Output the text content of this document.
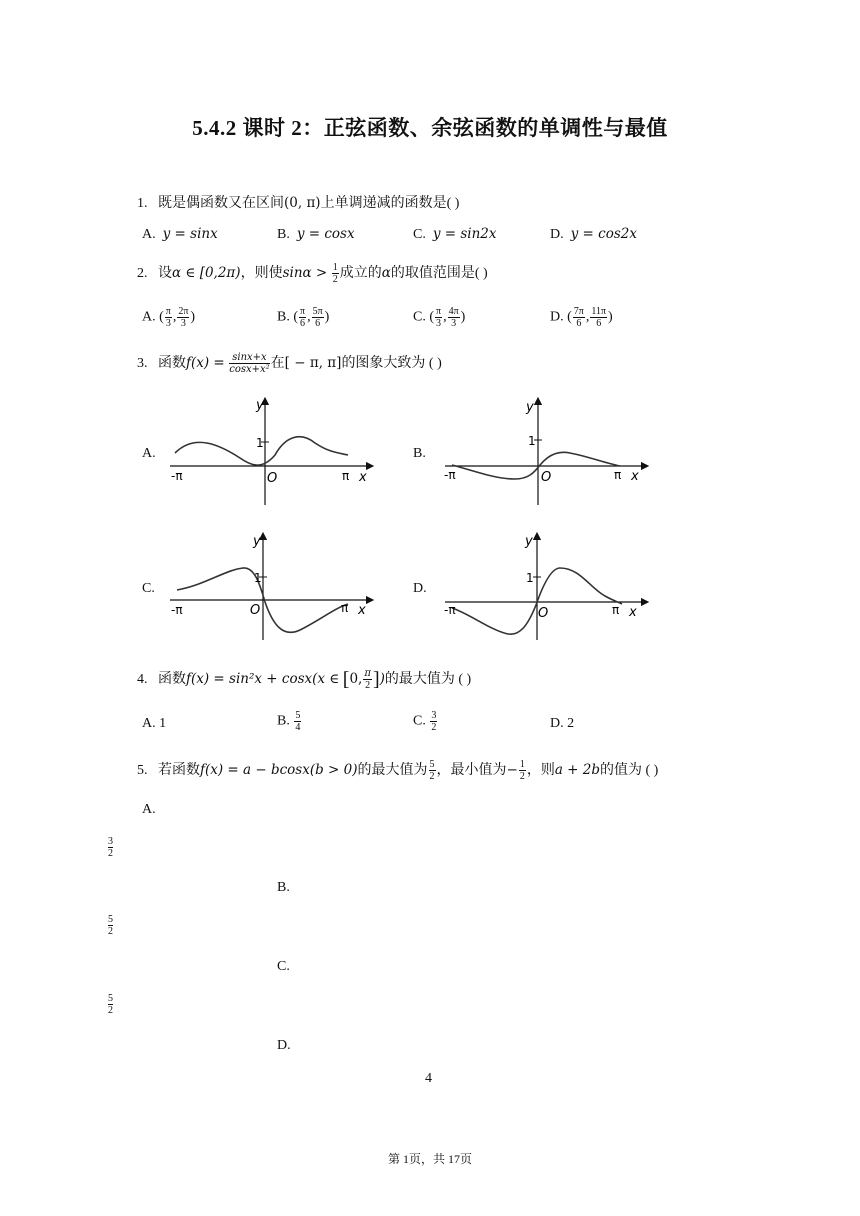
5.4.2 课时 2：正弦函数、余弦函数的单调性与最值
1. 既是偶函数又在区间(0, π)上单调递减的函数是( )
A. y = sinx	B. y = cosx	C. y = sin2x	D. y = cos2x
2. 设α ∈ [0,2π)，则使$\sin\alpha > \frac{1}{2}$ 成立的α的取值范围是( )
A. ( $\frac{\pi}{3}$ , $\frac{2\pi}{3}$ )	B. ( $\frac{\pi}{6}$ , $\frac{5\pi}{6}$ )	C. ( $\frac{\pi}{3}$ , $\frac{4\pi}{3}$ )	D. ( $\frac{7\pi}{6}$ , $\frac{11\pi}{6}$ )
3. 函数$f(x) = \frac{\sin x+x}{\text{cosx+x²}}$ 在[ − π, π]的图象大致为 ( )
A.	B.
C.	D.
y
1
O
-π	π x
y
1
O
-π	π x
y
1
O
-π	π x
y
1
O
-π	π x
4. 函数f(x) = sin²x + cosx(x ∈ [0, $\frac{\pi}{2}$ ])的最大值为 ( )
A. 1	B. $\frac{5}{4}$	C. $\frac{3}{2}$	D. 2
5. 若函数f(x) = a − bcosx(b > 0)的最大值为 $\frac{5}{2}$ ，最小值为− $\frac{1}{2}$ ，则a + 2b的值为 ( )
A.
3
2
B.
5
2
C.
5
2
D.
4
第 1页，共 17页
